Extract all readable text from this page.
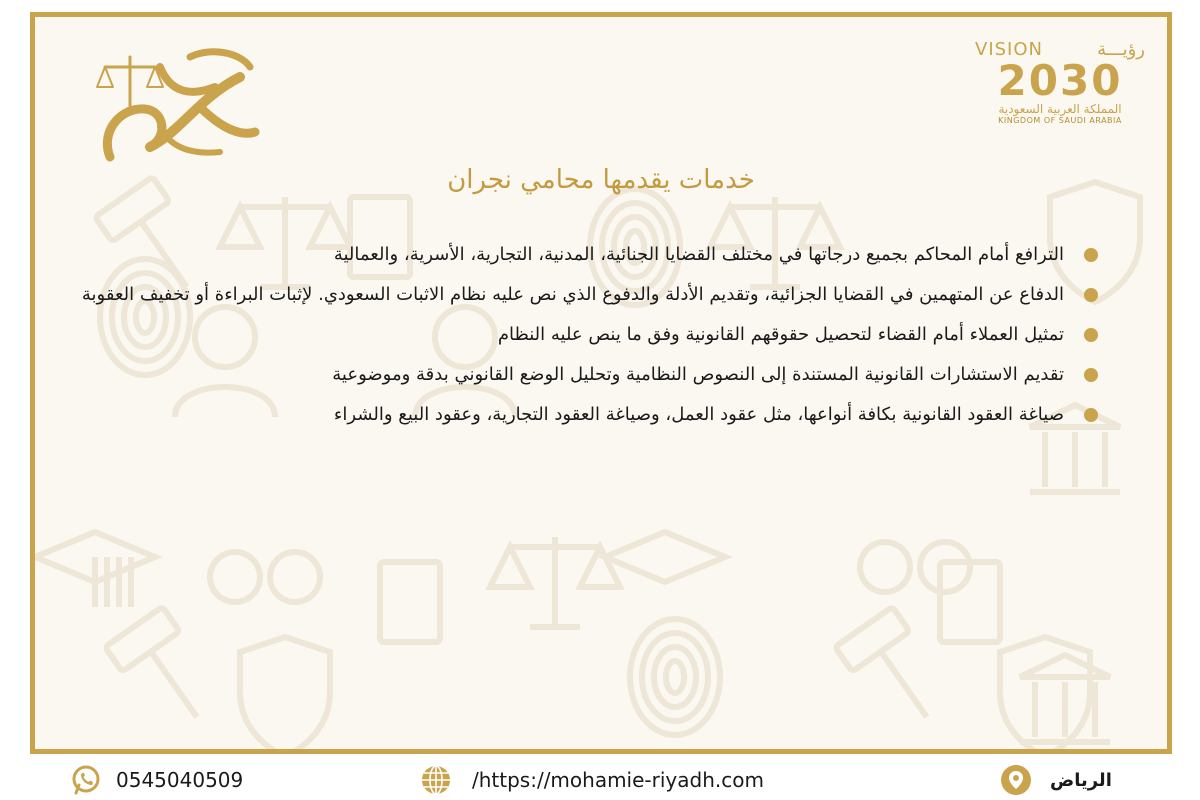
VISION	رؤيـــة
2030
المملكة العربية السعودية
KINGDOM OF SAUDI ARABIA
خدمات يقدمها محامي نجران
الترافع أمام المحاكم بجميع درجاتها في مختلف القضايا الجنائية، المدنية، التجارية، الأسرية، والعمالية
الدفاع عن المتهمين في القضايا الجزائية، وتقديم الأدلة والدفوع الذي نص عليه نظام الاثبات السعودي. لإثبات البراءة أو تخفيف العقوبة
تمثيل العملاء أمام القضاء لتحصيل حقوقهم القانونية وفق ما ينص عليه النظام
تقديم الاستشارات القانونية المستندة إلى النصوص النظامية وتحليل الوضع القانوني بدقة وموضوعية
صياغة العقود القانونية بكافة أنواعها، مثل عقود العمل، وصياغة العقود التجارية، وعقود البيع والشراء
0545040509	/https://mohamie-riyadh.com	الرياض
